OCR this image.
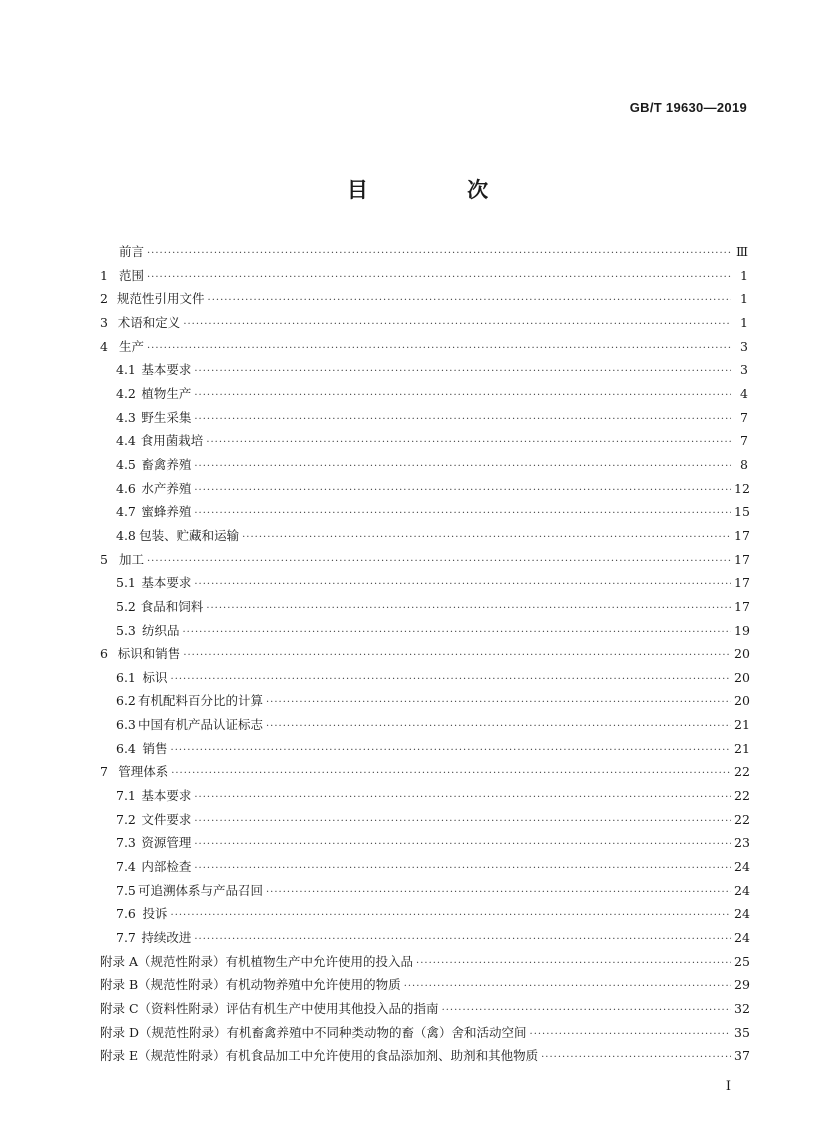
GB/T 19630—2019
目 次
前言 ·····	Ⅲ
1 范围 ·····	1
2 规范性引用文件 ·····	1
3 术语和定义 ·····	1
4 生产 ·····	3
4.1 基本要求 ·····	3
4.2 植物生产 ·····	4
4.3 野生采集 ·····	7
4.4 食用菌栽培 ·····	7
4.5 畜禽养殖 ·····	8
4.6 水产养殖 ·····	12
4.7 蜜蜂养殖 ·····	15
4.8 包装、贮藏和运输 ·····	17
5 加工 ·····	17
5.1 基本要求 ·····	17
5.2 食品和饲料 ·····	17
5.3 纺织品 ·····	19
6 标识和销售 ·····	20
6.1 标识 ·····	20
6.2 有机配料百分比的计算 ·····	20
6.3 中国有机产品认证标志 ·····	21
6.4 销售 ·····	21
7 管理体系 ·····	22
7.1 基本要求 ·····	22
7.2 文件要求 ·····	22
7.3 资源管理 ·····	23
7.4 内部检查 ·····	24
7.5 可追溯体系与产品召回 ·····	24
7.6 投诉 ·····	24
7.7 持续改进 ·····	24
附录 A（规范性附录） 有机植物生产中允许使用的投入品 ·····	25
附录 B（规范性附录） 有机动物养殖中允许使用的物质 ·····	29
附录 C（资料性附录） 评估有机生产中使用其他投入品的指南 ·····	32
附录 D（规范性附录） 有机畜禽养殖中不同种类动物的畜（禽）舍和活动空间 ·····	35
附录 E（规范性附录） 有机食品加工中允许使用的食品添加剂、助剂和其他物质 ·····	37
I
